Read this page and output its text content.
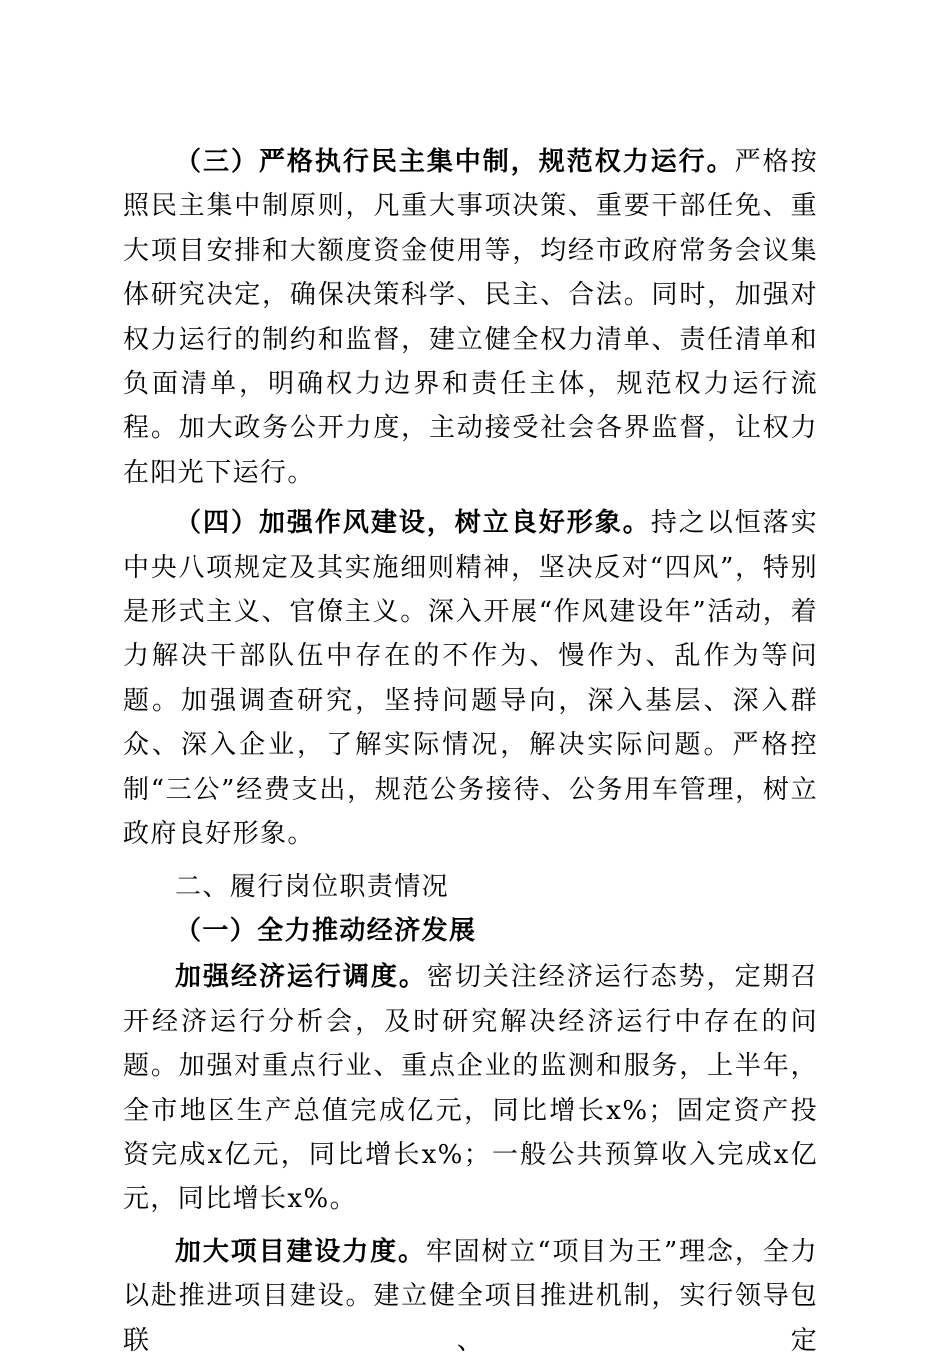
（三）严格执行民主集中制，规范权力运行。严格按照民主集中制原则，凡重大事项决策、重要干部任免、重大项目安排和大额度资金使用等，均经市政府常务会议集体研究决定，确保决策科学、民主、合法。同时，加强对权力运行的制约和监督，建立健全权力清单、责任清单和负面清单，明确权力边界和责任主体，规范权力运行流程。加大政务公开力度，主动接受社会各界监督，让权力在阳光下运行。

（四）加强作风建设，树立良好形象。持之以恒落实中央八项规定及其实施细则精神，坚决反对“四风”，特别是形式主义、官僚主义。深入开展“作风建设年”活动，着力解决干部队伍中存在的不作为、慢作为、乱作为等问题。加强调查研究，坚持问题导向，深入基层、深入群众、深入企业，了解实际情况，解决实际问题。严格控制“三公”经费支出，规范公务接待、公务用车管理，树立政府良好形象。

二、履行岗位职责情况

（一）全力推动经济发展

加强经济运行调度。密切关注经济运行态势，定期召开经济运行分析会，及时研究解决经济运行中存在的问题。加强对重点行业、重点企业的监测和服务，上半年，全市地区生产总值完成亿元，同比增长x%；固定资产投资完成x亿元，同比增长x%；一般公共预算收入完成x亿元，同比增长x%。

加大项目建设力度。牢固树立“项目为王”理念，全力以赴推进项目建设。建立健全项目推进机制，实行领导包联、定
